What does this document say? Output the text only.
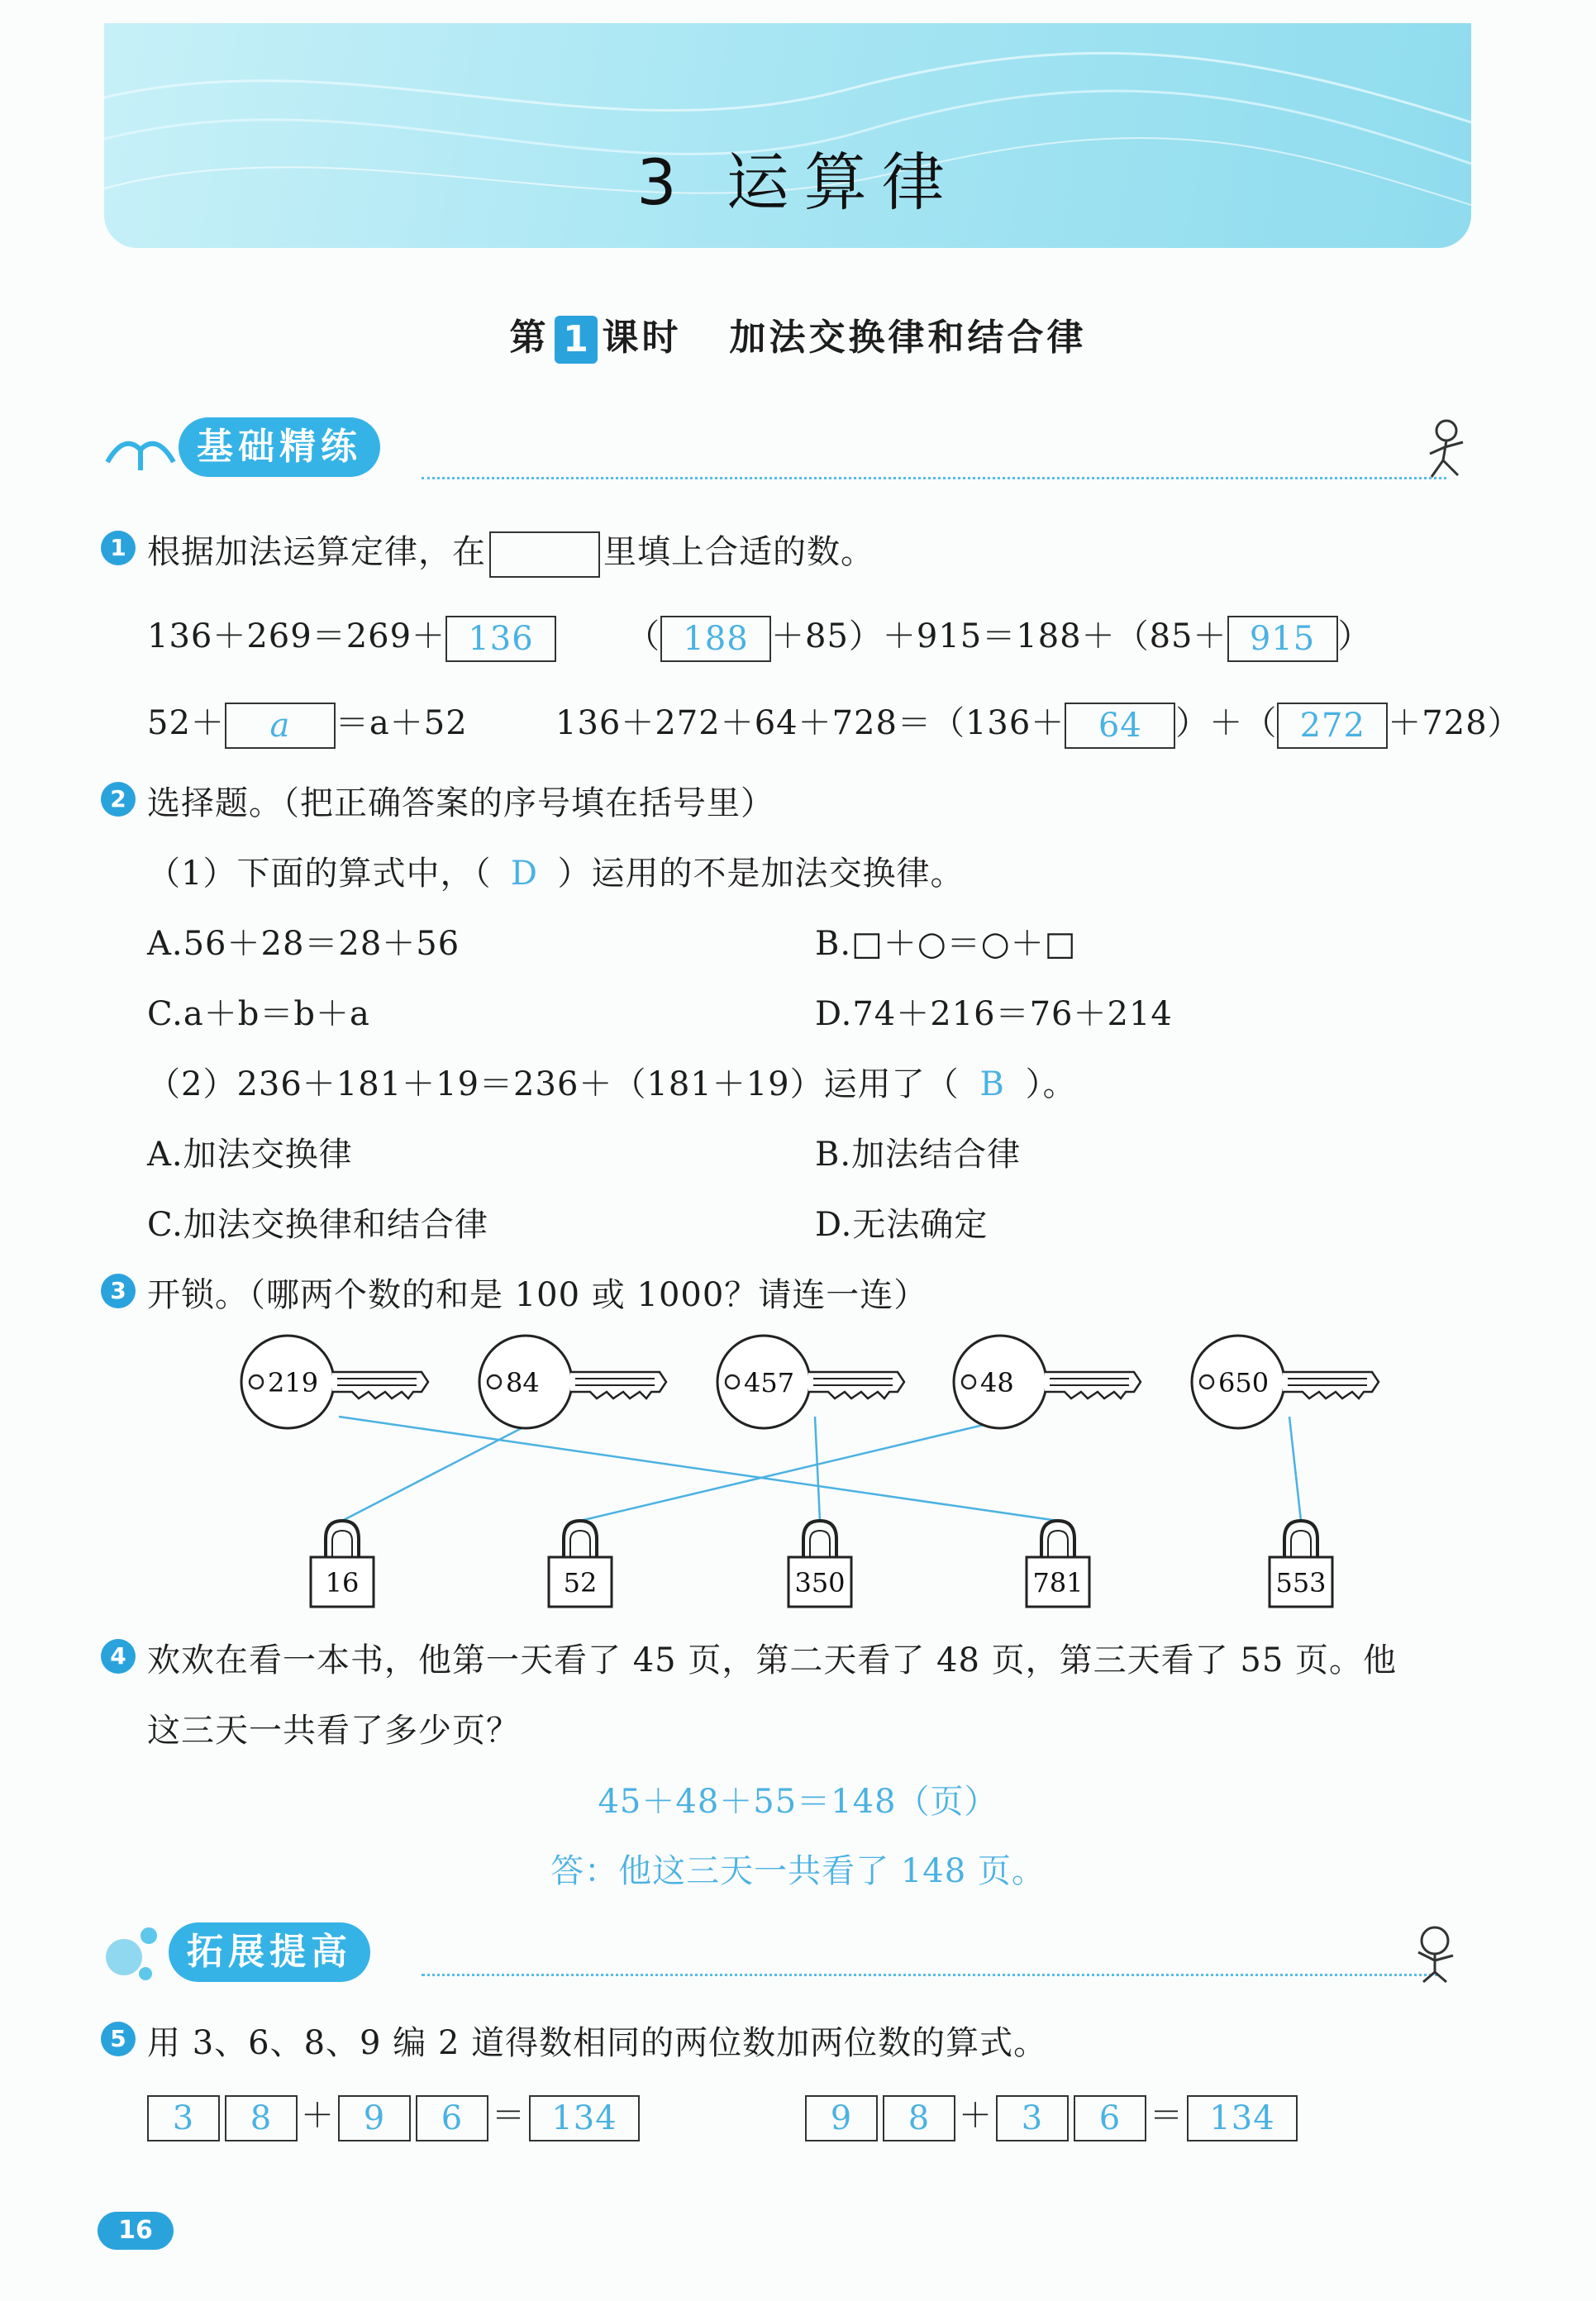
3 运算律
第 1 课时 加法交换律和结合律
基础精练
1 根据加法运算定律，在	里填上合适的数。
136＋269＝269＋ 136	（ 188 ＋85）＋915＝188＋（85＋ 915 ）
52＋ a ＝a＋52	136＋272＋64＋728＝（136＋ 64 ）＋（ 272 ＋728）
2 选择题。（把正确答案的序号填在括号里）
（1）下面的算式中，（ D ）运用的不是加法交换律。
A.56＋28＝28＋56	B.□＋○＝○＋□
C.a＋b＝b＋a	D.74＋216＝76＋214
（2）236＋181＋19＝236＋（181＋19）运用了（ B ）。
A.加法交换律	B.加法结合律
C.加法交换律和结合律	D.无法确定
3 开锁。（哪两个数的和是 100 或 1000？请连一连）
219	84	457	48	650
16	52	350	781	553
4 欢欢在看一本书，他第一天看了 45 页，第二天看了 48 页，第三天看了 55 页。他
这三天一共看了多少页？
45＋48＋55＝148（页）
答：他这三天一共看了 148 页。
拓展提高
5 用 3、6、8、9 编 2 道得数相同的两位数加两位数的算式。
3 8 ＋ 9 6 ＝ 134	9 8 ＋ 3 6 ＝ 134
16
